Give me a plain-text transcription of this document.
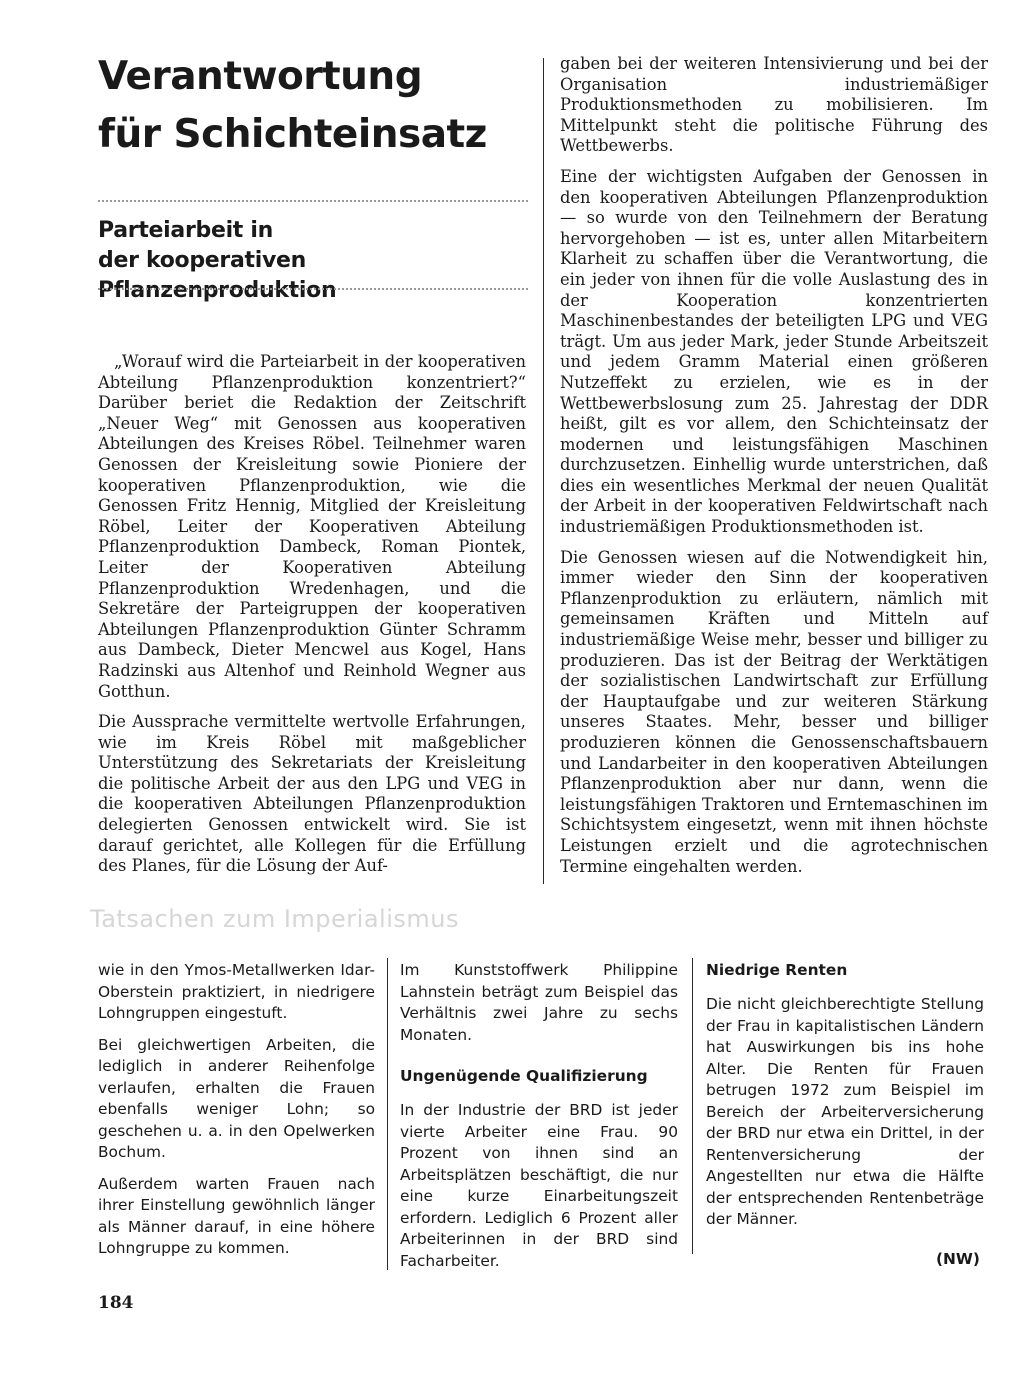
Verantwortung
für Schichteinsatz
Parteiarbeit in
der kooperativen Pflanzenproduktion

„Worauf wird die Parteiarbeit in der kooperativen Abteilung Pflanzenproduktion konzentriert?“ Darüber beriet die Redaktion der Zeitschrift „Neuer Weg“ mit Genossen aus kooperativen Abteilungen des Kreises Röbel. Teilnehmer waren Genossen der Kreisleitung sowie Pioniere der kooperativen Pflanzenproduktion, wie die Genossen Fritz Hennig, Mitglied der Kreisleitung Röbel, Leiter der Kooperativen Abteilung Pflanzenproduktion Dambeck, Roman Piontek, Leiter der Kooperativen Abteilung Pflanzenproduktion Wredenhagen, und die Sekretäre der Parteigruppen der kooperativen Abteilungen Pflanzenproduktion Günter Schramm aus Dambeck, Dieter Mencwel aus Kogel, Hans Radzinski aus Altenhof und Reinhold Wegner aus Gotthun.

Die Aussprache vermittelte wertvolle Erfahrungen, wie im Kreis Röbel mit maßgeblicher Unterstützung des Sekretariats der Kreisleitung die politische Arbeit der aus den LPG und VEG in die kooperativen Abteilungen Pflanzenproduktion delegierten Genossen entwickelt wird. Sie ist darauf gerichtet, alle Kollegen für die Erfüllung des Planes, für die Lösung der Auf-

gaben bei der weiteren Intensivierung und bei der Organisation industriemäßiger Produktionsmethoden zu mobilisieren. Im Mittelpunkt steht die politische Führung des Wettbewerbs.

Eine der wichtigsten Aufgaben der Genossen in den kooperativen Abteilungen Pflanzenproduktion — so wurde von den Teilnehmern der Beratung hervorgehoben — ist es, unter allen Mitarbeitern Klarheit zu schaffen über die Verantwortung, die ein jeder von ihnen für die volle Auslastung des in der Kooperation konzentrierten Maschinenbestandes der beteiligten LPG und VEG trägt. Um aus jeder Mark, jeder Stunde Arbeitszeit und jedem Gramm Material einen größeren Nutzeffekt zu erzielen, wie es in der Wettbewerbslosung zum 25. Jahrestag der DDR heißt, gilt es vor allem, den Schichteinsatz der modernen und leistungsfähigen Maschinen durchzusetzen. Einhellig wurde unterstrichen, daß dies ein wesentliches Merkmal der neuen Qualität der Arbeit in der kooperativen Feldwirtschaft nach industriemäßigen Produktionsmethoden ist.

Die Genossen wiesen auf die Notwendigkeit hin, immer wieder den Sinn der kooperativen Pflanzenproduktion zu erläutern, nämlich mit gemeinsamen Kräften und Mitteln auf industriemäßige Weise mehr, besser und billiger zu produzieren. Das ist der Beitrag der Werktätigen der sozialistischen Landwirtschaft zur Erfüllung der Hauptaufgabe und zur weiteren Stärkung unseres Staates. Mehr, besser und billiger produzieren können die Genossenschaftsbauern und Landarbeiter in den kooperativen Abteilungen Pflanzenproduktion aber nur dann, wenn die leistungsfähigen Traktoren und Erntemaschinen im Schichtsystem eingesetzt, wenn mit ihnen höchste Leistungen erzielt und die agrotechnischen Termine eingehalten werden.

Tatsachen zum Imperialismus

wie in den Ymos-Metallwerken Idar-Oberstein praktiziert, in niedrigere Lohngruppen eingestuft.

Bei gleichwertigen Arbeiten, die lediglich in anderer Reihenfolge verlaufen, erhalten die Frauen ebenfalls weniger Lohn; so geschehen u. a. in den Opelwerken Bochum.

Außerdem warten Frauen nach ihrer Einstellung gewöhnlich länger als Männer darauf, in eine höhere Lohngruppe zu kommen.

Im Kunststoffwerk Philippine Lahnstein beträgt zum Beispiel das Verhältnis zwei Jahre zu sechs Monaten.

Ungenügende Qualifizierung

In der Industrie der BRD ist jeder vierte Arbeiter eine Frau. 90 Prozent von ihnen sind an Arbeitsplätzen beschäftigt, die nur eine kurze Einarbeitungszeit erfordern. Lediglich 6 Prozent aller Arbeiterinnen in der BRD sind Facharbeiter.

Niedrige Renten

Die nicht gleichberechtigte Stellung der Frau in kapitalistischen Ländern hat Auswirkungen bis ins hohe Alter. Die Renten für Frauen betrugen 1972 zum Beispiel im Bereich der Arbeiterversicherung der BRD nur etwa ein Drittel, in der Rentenversicherung der Angestellten nur etwa die Hälfte der entsprechenden Rentenbeträge der Männer.

(NW)
184
